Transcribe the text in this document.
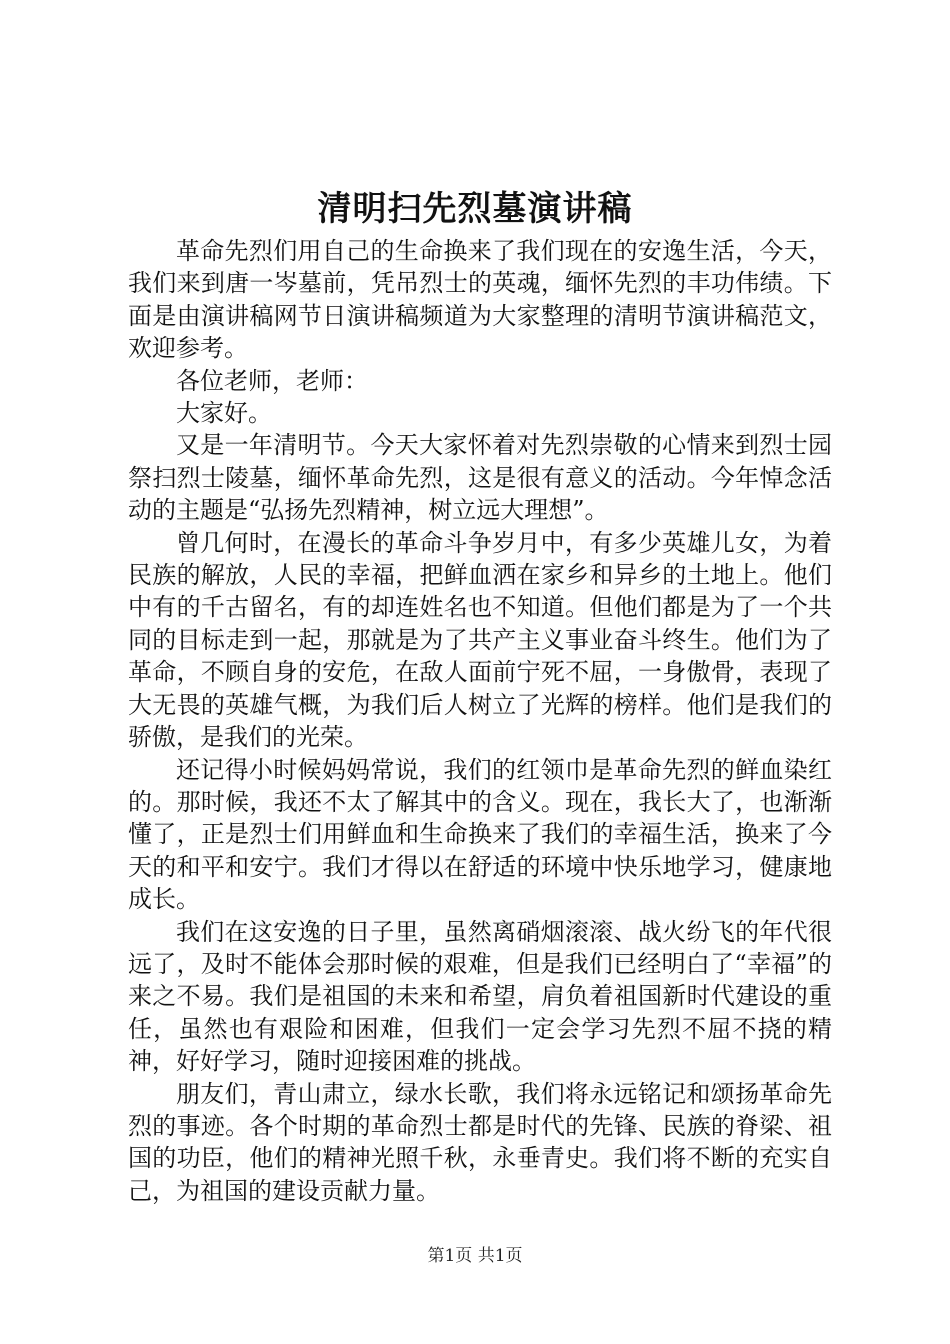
清明扫先烈墓演讲稿

革命先烈们用自己的生命换来了我们现在的安逸生活，今天，我们来到唐一岑墓前，凭吊烈士的英魂，缅怀先烈的丰功伟绩。下面是由演讲稿网节日演讲稿频道为大家整理的清明节演讲稿范文，欢迎参考。

各位老师，老师：

大家好。

又是一年清明节。今天大家怀着对先烈崇敬的心情来到烈士园祭扫烈士陵墓，缅怀革命先烈，这是很有意义的活动。今年悼念活动的主题是“弘扬先烈精神，树立远大理想”。

曾几何时，在漫长的革命斗争岁月中，有多少英雄儿女，为着民族的解放，人民的幸福，把鲜血洒在家乡和异乡的土地上。他们中有的千古留名，有的却连姓名也不知道。但他们都是为了一个共同的目标走到一起，那就是为了共产主义事业奋斗终生。他们为了革命，不顾自身的安危，在敌人面前宁死不屈，一身傲骨，表现了大无畏的英雄气概，为我们后人树立了光辉的榜样。他们是我们的骄傲，是我们的光荣。

还记得小时候妈妈常说，我们的红领巾是革命先烈的鲜血染红的。那时候，我还不太了解其中的含义。现在，我长大了，也渐渐懂了，正是烈士们用鲜血和生命换来了我们的幸福生活，换来了今天的和平和安宁。我们才得以在舒适的环境中快乐地学习，健康地成长。

我们在这安逸的日子里，虽然离硝烟滚滚、战火纷飞的年代很远了，及时不能体会那时候的艰难，但是我们已经明白了“幸福”的来之不易。我们是祖国的未来和希望，肩负着祖国新时代建设的重任，虽然也有艰险和困难，但我们一定会学习先烈不屈不挠的精神，好好学习，随时迎接困难的挑战。

朋友们，青山肃立，绿水长歌，我们将永远铭记和颂扬革命先烈的事迹。各个时期的革命烈士都是时代的先锋、民族的脊梁、祖国的功臣，他们的精神光照千秋，永垂青史。我们将不断的充实自己，为祖国的建设贡献力量。

第1页 共1页
